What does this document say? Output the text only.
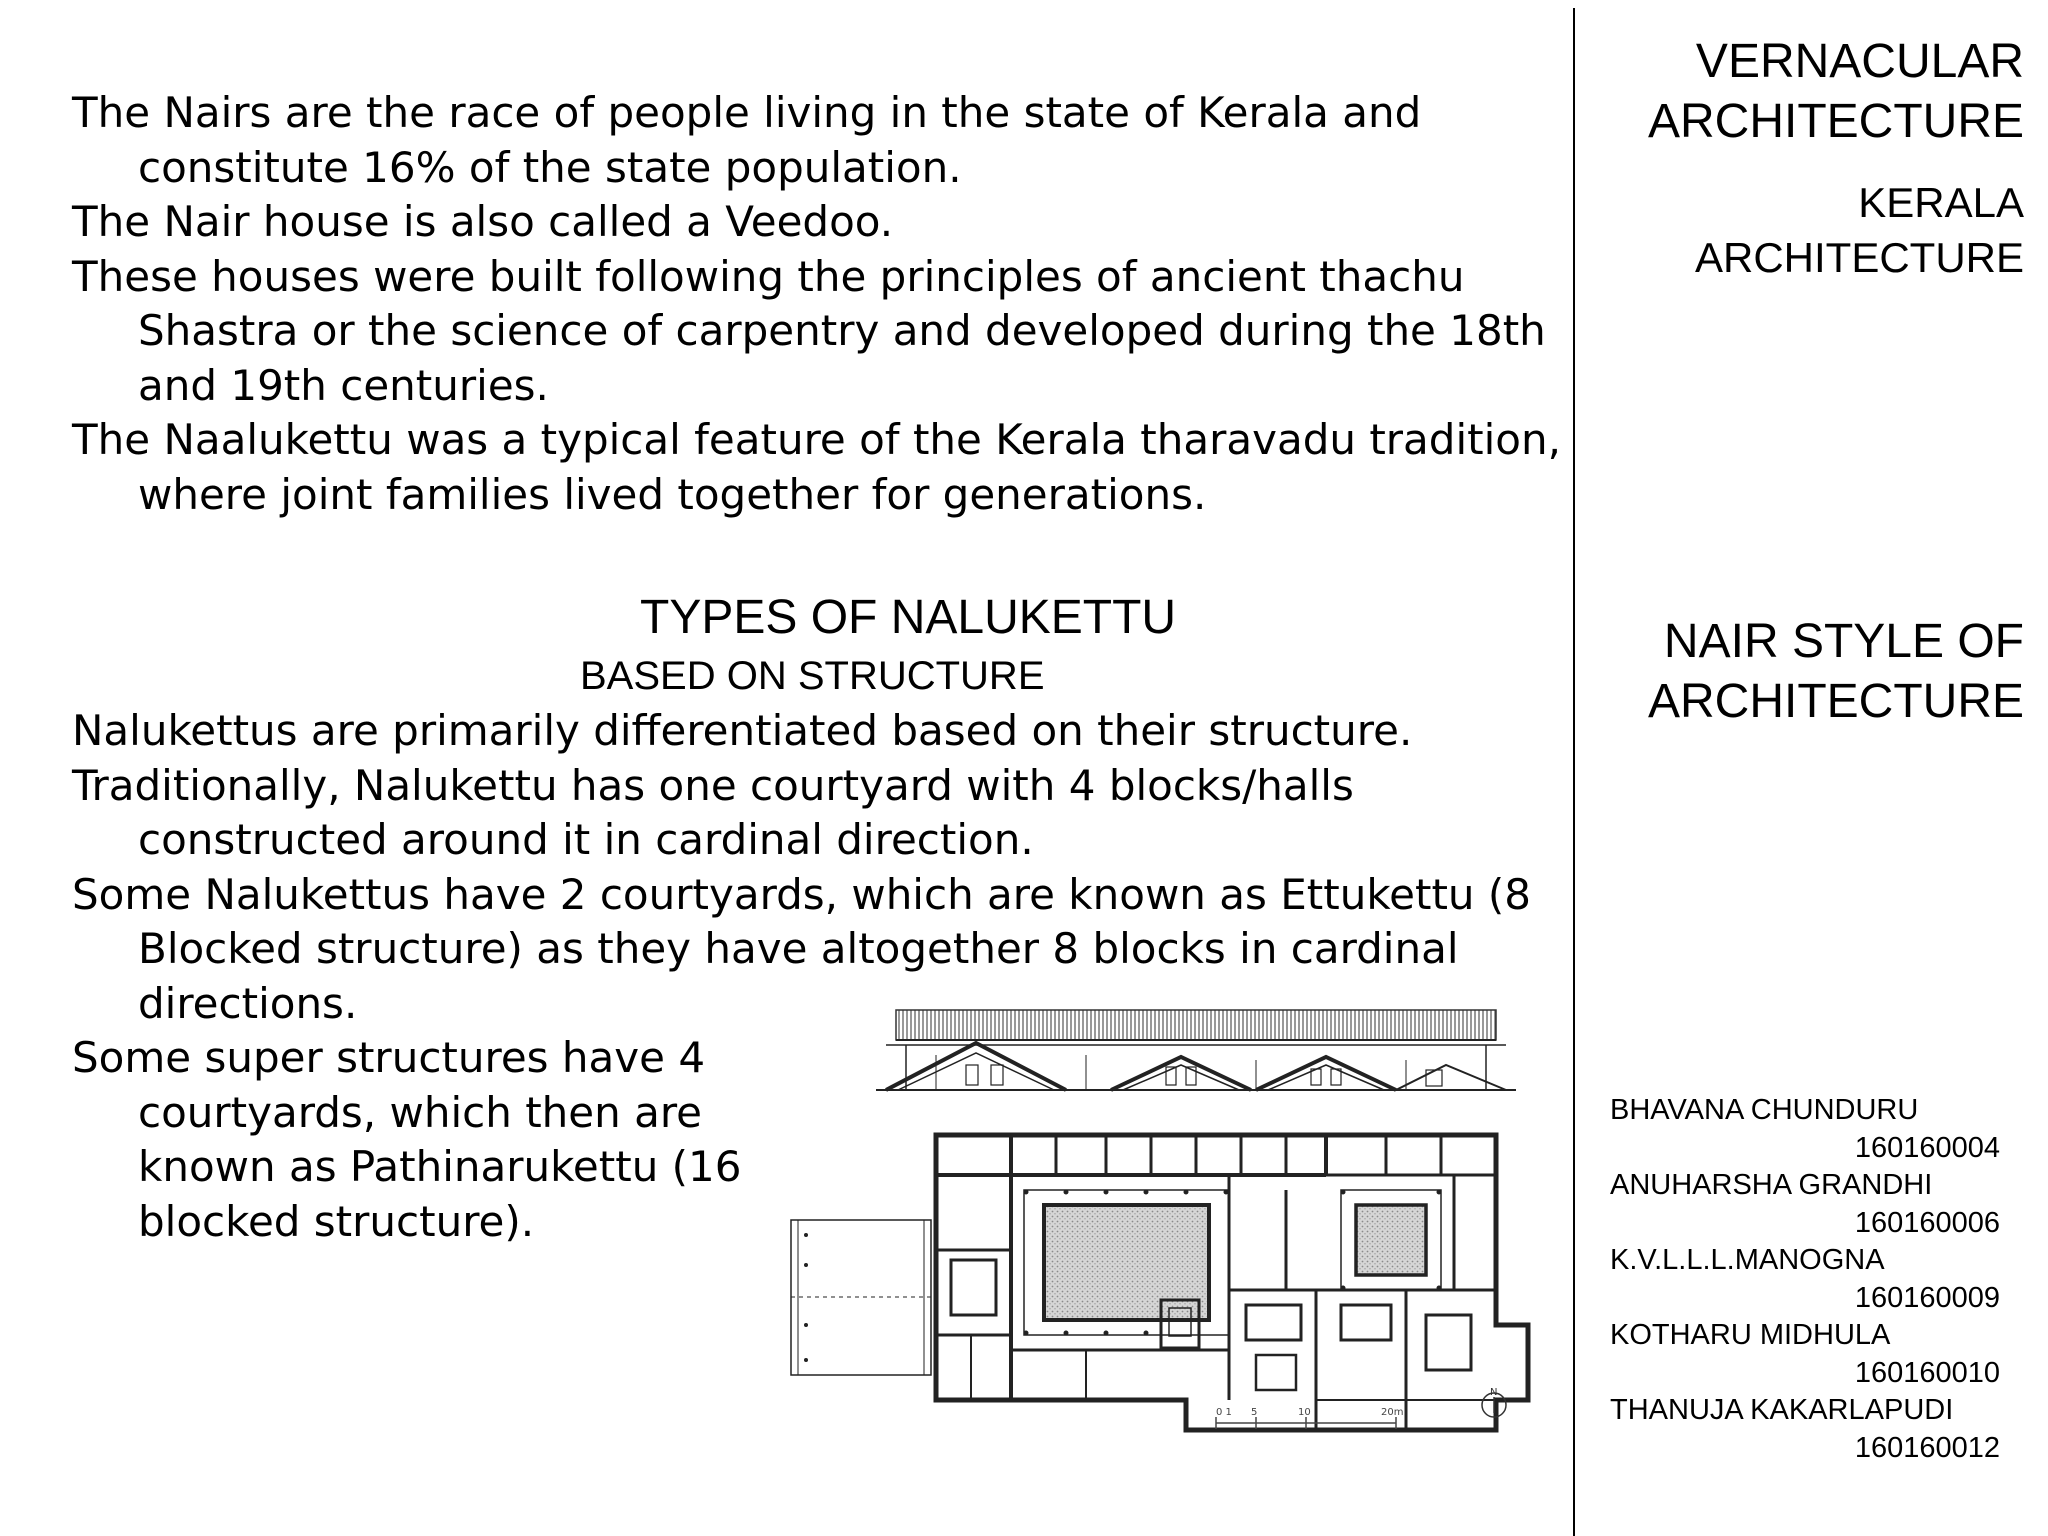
The Nairs are the race of people living in the state of Kerala and constitute 16% of the state population.

The Nair house is also called a Veedoo.

These houses were built following the principles of ancient thachu Shastra or the science of carpentry and developed during the 18th and 19th centuries.

The Naalukettu was a typical feature of the Kerala tharavadu tradition, where joint families lived together for generations.

TYPES OF NALUKETTU
BASED ON STRUCTURE

Nalukettus are primarily differentiated based on their structure.

Traditionally, Nalukettu has one courtyard with 4 blocks/halls constructed around it in cardinal direction.

Some Nalukettus have 2 courtyards, which are known as Ettukettu (8 Blocked structure) as they have altogether 8 blocks in cardinal directions.

Some super structures have 4 courtyards, which then are known as Pathinarukettu (16 blocked structure).

VERNACULAR
ARCHITECTURE
KERALA
ARCHITECTURE
NAIR STYLE OF
ARCHITECTURE
BHAVANA CHUNDURU
160160004
ANUHARSHA GRANDHI
160160006
K.V.L.L.L.MANOGNA
160160009
KOTHARU MIDHULA
160160010
THANUJA KAKARLAPUDI
160160012
0 1 5	10	20m
N
